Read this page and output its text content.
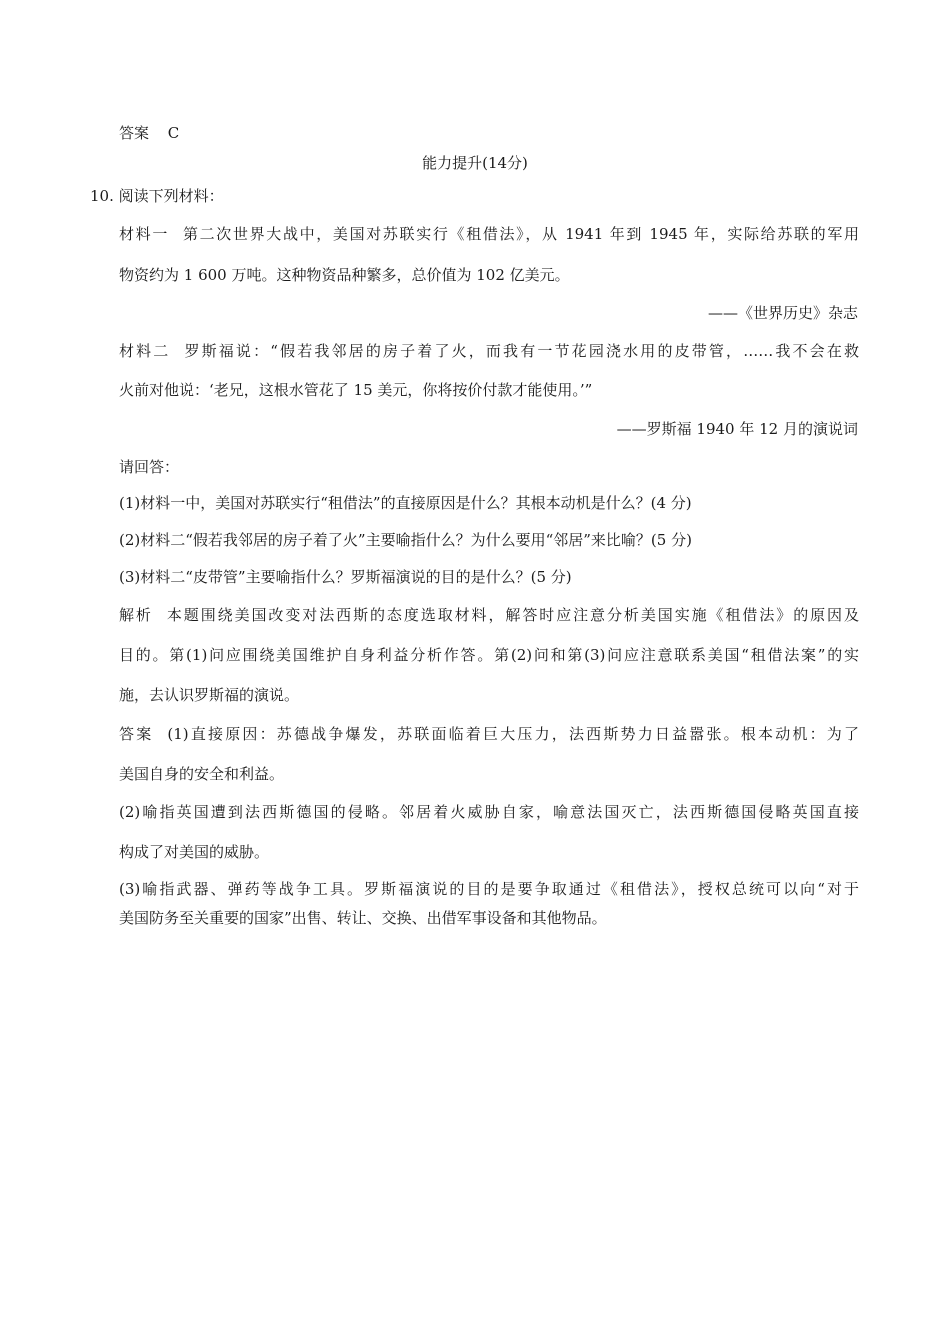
答案 C
能力提升(14分)
10. 阅读下列材料：
材料一 第二次世界大战中，美国对苏联实行《租借法》，从 1941 年到 1945 年，实际给苏联的军用
物资约为 1 600 万吨。这种物资品种繁多，总价值为 102 亿美元。
——《世界历史》杂志
材料二 罗斯福说：“假若我邻居的房子着了火，而我有一节花园浇水用的皮带管，……我不会在救
火前对他说：‘老兄，这根水管花了 15 美元，你将按价付款才能使用。’”
——罗斯福 1940 年 12 月的演说词
请回答：
(1)材料一中，美国对苏联实行“租借法”的直接原因是什么？其根本动机是什么？(4 分)
(2)材料二“假若我邻居的房子着了火”主要喻指什么？为什么要用“邻居”来比喻？(5 分)
(3)材料二“皮带管”主要喻指什么？罗斯福演说的目的是什么？(5 分)
解析 本题围绕美国改变对法西斯的态度选取材料，解答时应注意分析美国实施《租借法》的原因及
目的。第(1)问应围绕美国维护自身利益分析作答。第(2)问和第(3)问应注意联系美国“租借法案”的实
施，去认识罗斯福的演说。
答案 (1)直接原因：苏德战争爆发，苏联面临着巨大压力，法西斯势力日益嚣张。根本动机：为了
美国自身的安全和利益。
(2)喻指英国遭到法西斯德国的侵略。邻居着火威胁自家，喻意法国灭亡，法西斯德国侵略英国直接
构成了对美国的威胁。
(3)喻指武器、弹药等战争工具。罗斯福演说的目的是要争取通过《租借法》，授权总统可以向“对于
美国防务至关重要的国家”出售、转让、交换、出借军事设备和其他物品。
